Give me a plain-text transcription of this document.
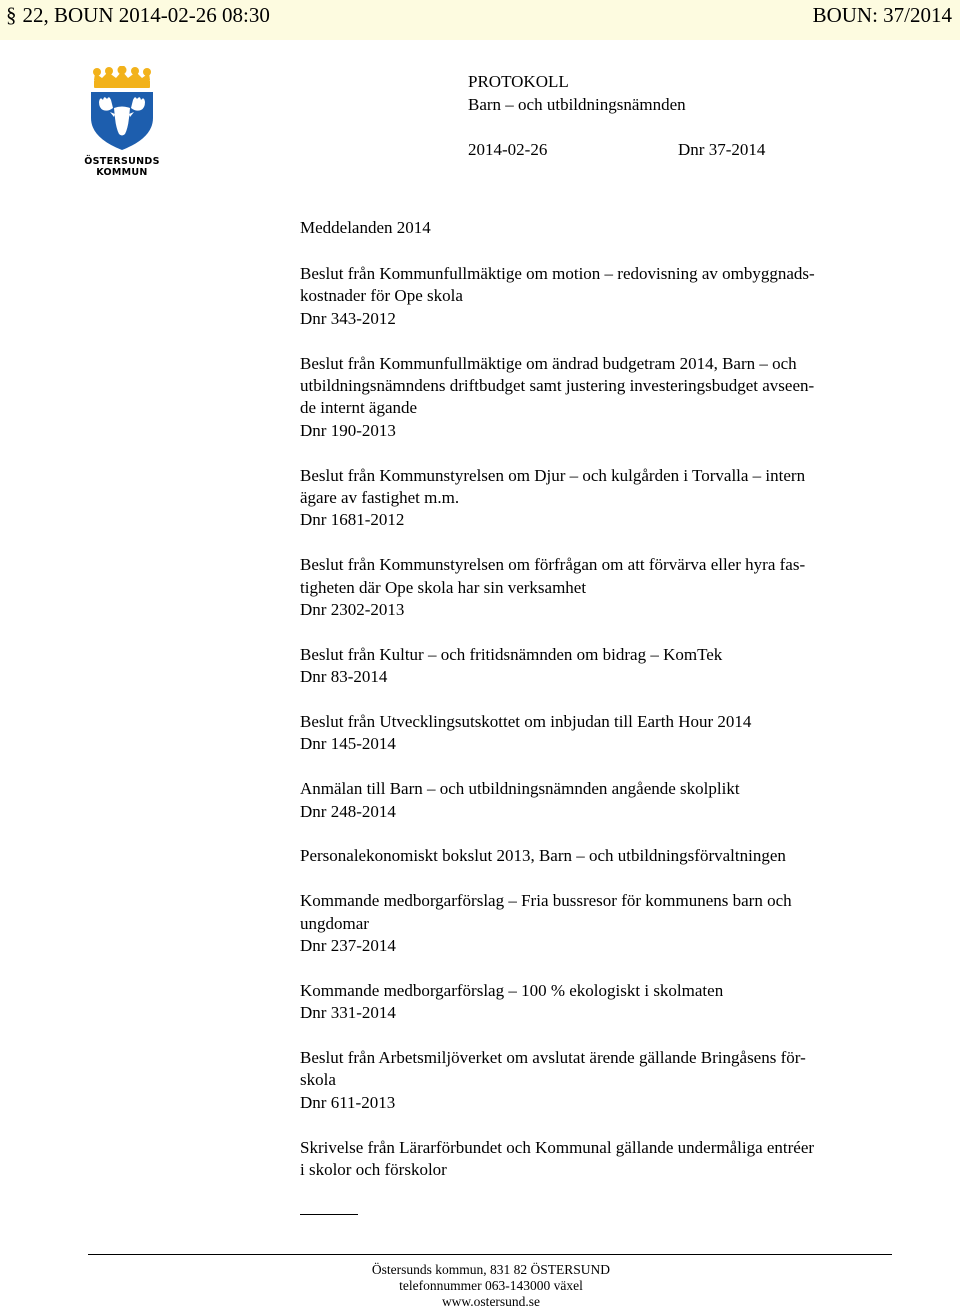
§ 22, BOUN 2014-02-26 08:30	BOUN: 37/2014
ÖSTERSUNDS
KOMMUN
PROTOKOLL
Barn – och utbildningsnämnden
2014-02-26	Dnr 37-2014
Meddelanden 2014
Beslut från Kommunfullmäktige om motion – redovisning av ombyggnads-
kostnader för Ope skola
Dnr 343-2012
Beslut från Kommunfullmäktige om ändrad budgetram 2014, Barn – och
utbildningsnämndens driftbudget samt justering investeringsbudget avseen-
de internt ägande
Dnr 190-2013
Beslut från Kommunstyrelsen om Djur – och kulgården i Torvalla – intern
ägare av fastighet m.m.
Dnr 1681-2012
Beslut från Kommunstyrelsen om förfrågan om att förvärva eller hyra fas-
tigheten där Ope skola har sin verksamhet
Dnr 2302-2013
Beslut från Kultur – och fritidsnämnden om bidrag – KomTek
Dnr 83-2014
Beslut från Utvecklingsutskottet om inbjudan till Earth Hour 2014
Dnr 145-2014
Anmälan till Barn – och utbildningsnämnden angående skolplikt
Dnr 248-2014
Personalekonomiskt bokslut 2013, Barn – och utbildningsförvaltningen
Kommande medborgarförslag – Fria bussresor för kommunens barn och
ungdomar
Dnr 237-2014
Kommande medborgarförslag – 100 % ekologiskt i skolmaten
Dnr 331-2014
Beslut från Arbetsmiljöverket om avslutat ärende gällande Bringåsens för-
skola
Dnr 611-2013
Skrivelse från Lärarförbundet och Kommunal gällande undermåliga entréer
i skolor och förskolor
Östersunds kommun, 831 82 ÖSTERSUND
telefonnummer 063-143000 växel
www.ostersund.se
